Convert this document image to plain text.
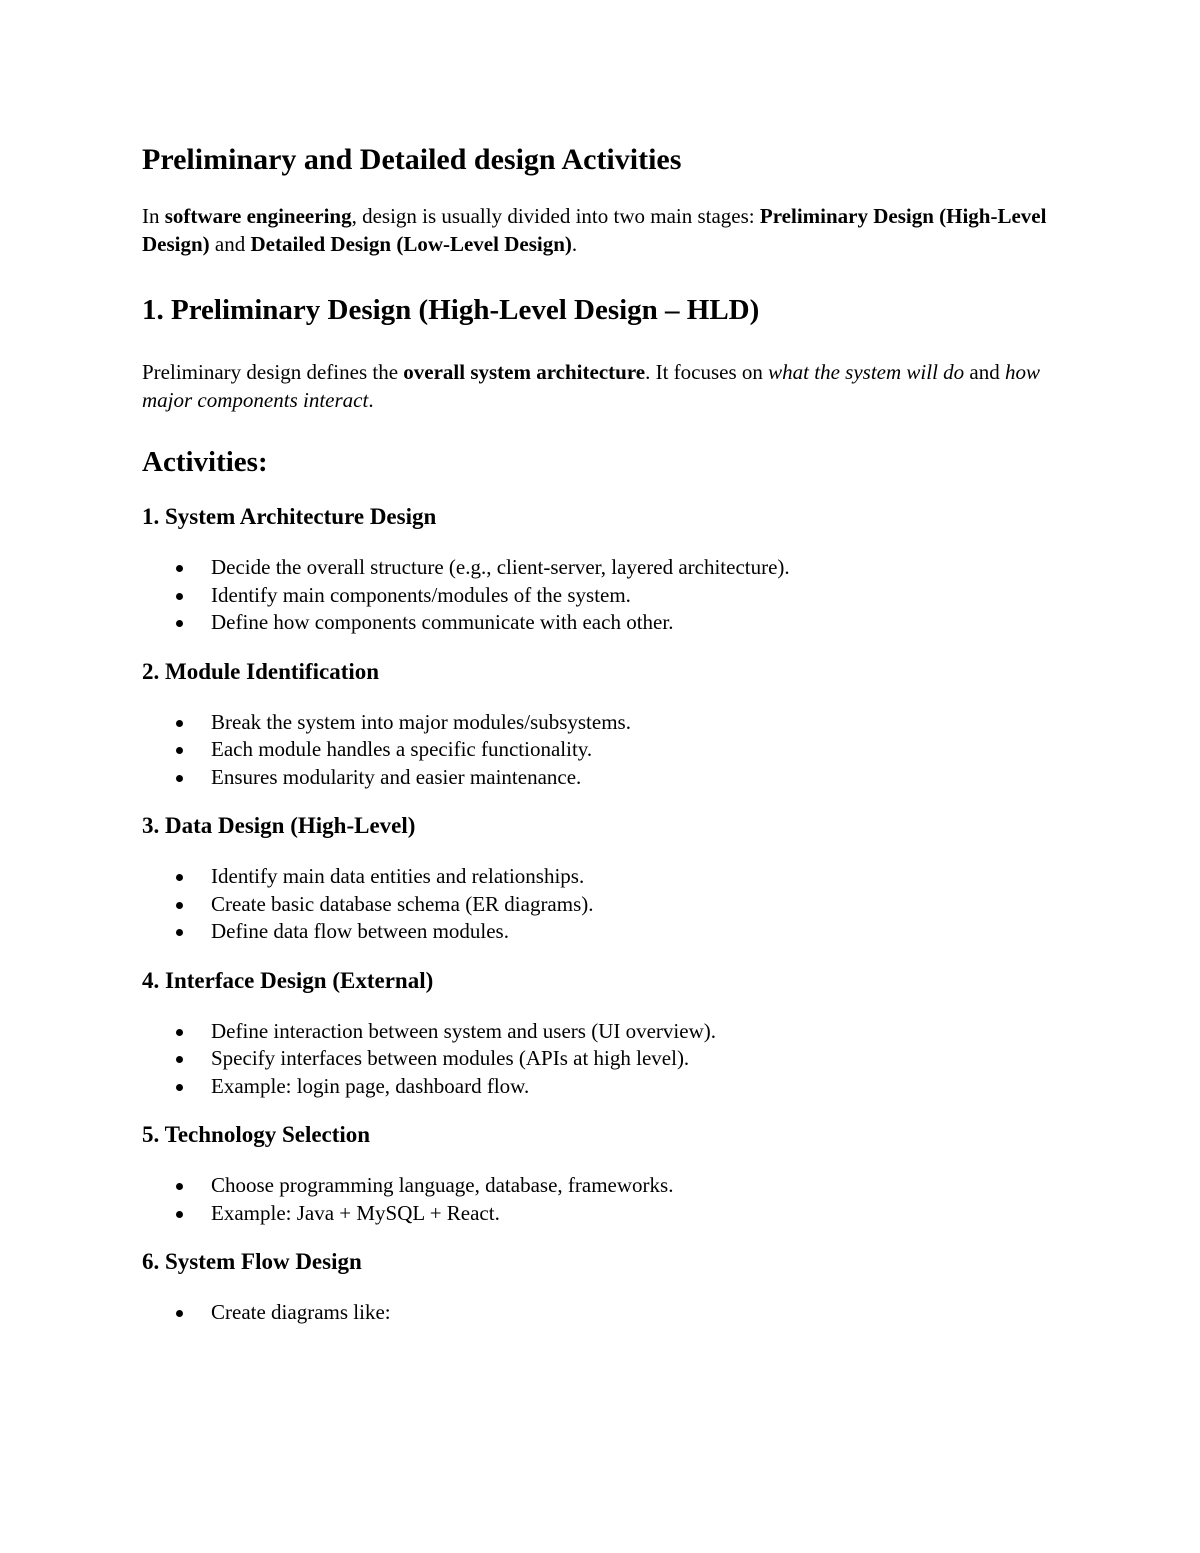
Preliminary and Detailed design Activities

In software engineering, design is usually divided into two main stages: Preliminary Design (High-Level Design) and Detailed Design (Low-Level Design).

1. Preliminary Design (High-Level Design – HLD)

Preliminary design defines the overall system architecture. It focuses on what the system will do and how major components interact.

Activities:
1. System Architecture Design
Decide the overall structure (e.g., client-server, layered architecture).
Identify main components/modules of the system.
Define how components communicate with each other.
2. Module Identification
Break the system into major modules/subsystems.
Each module handles a specific functionality.
Ensures modularity and easier maintenance.
3. Data Design (High-Level)
Identify main data entities and relationships.
Create basic database schema (ER diagrams).
Define data flow between modules.
4. Interface Design (External)
Define interaction between system and users (UI overview).
Specify interfaces between modules (APIs at high level).
Example: login page, dashboard flow.
5. Technology Selection
Choose programming language, database, frameworks.
Example: Java + MySQL + React.
6. System Flow Design
Create diagrams like:
